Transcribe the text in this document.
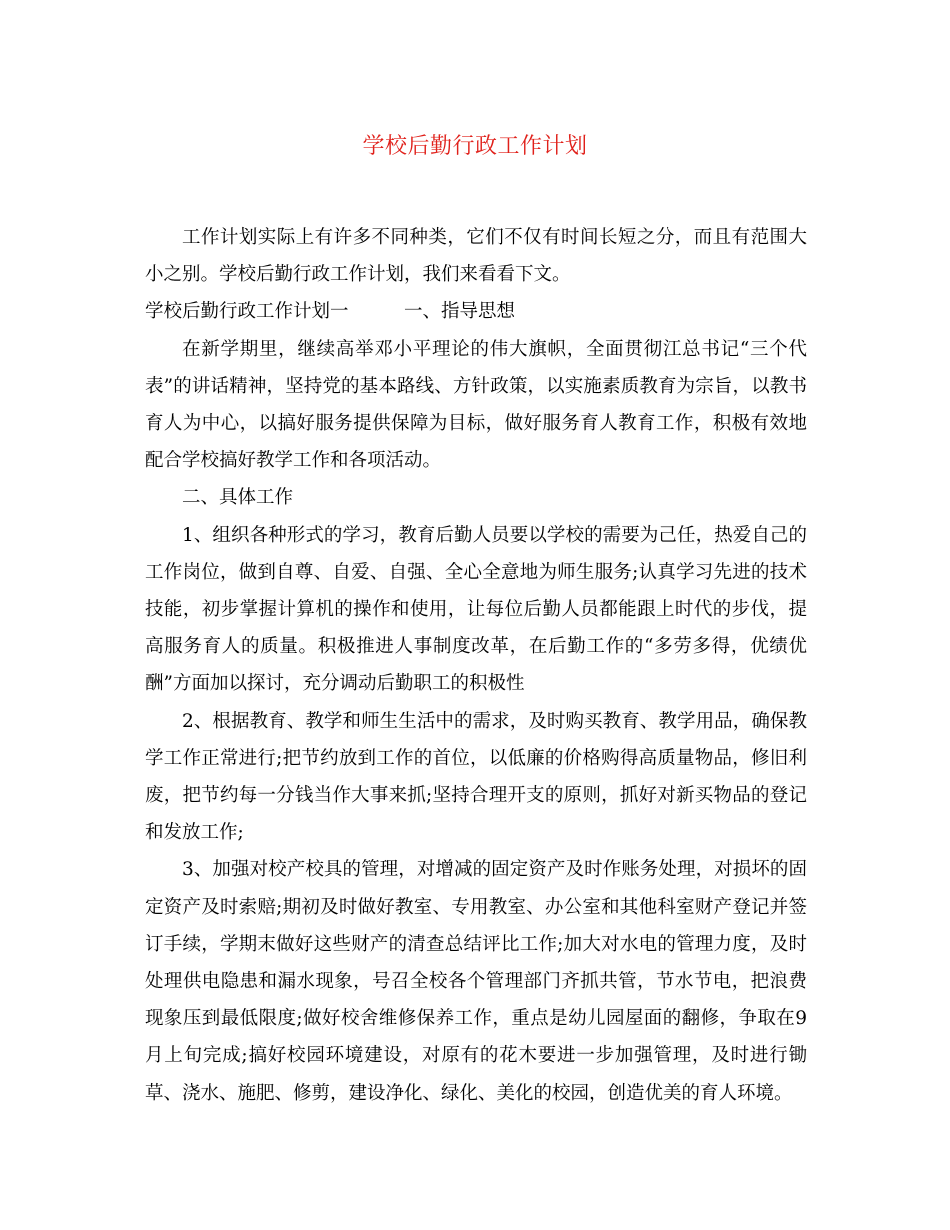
学校后勤行政工作计划

工作计划实际上有许多不同种类，它们不仅有时间长短之分，而且有范围大小之别。学校后勤行政工作计划，我们来看看下文。

学校后勤行政工作计划一　　　一、指导思想

在新学期里，继续高举邓小平理论的伟大旗帜，全面贯彻江总书记“三个代表”的讲话精神，坚持党的基本路线、方针政策，以实施素质教育为宗旨，以教书育人为中心，以搞好服务提供保障为目标，做好服务育人教育工作，积极有效地配合学校搞好教学工作和各项活动。

二、具体工作

1、组织各种形式的学习，教育后勤人员要以学校的需要为己任，热爱自己的工作岗位，做到自尊、自爱、自强、全心全意地为师生服务;认真学习先进的技术技能，初步掌握计算机的操作和使用，让每位后勤人员都能跟上时代的步伐，提高服务育人的质量。积极推进人事制度改革，在后勤工作的“多劳多得，优绩优酬”方面加以探讨，充分调动后勤职工的积极性

2、根据教育、教学和师生生活中的需求，及时购买教育、教学用品，确保教学工作正常进行;把节约放到工作的首位，以低廉的价格购得高质量物品，修旧利废，把节约每一分钱当作大事来抓;坚持合理开支的原则，抓好对新买物品的登记和发放工作;

3、加强对校产校具的管理，对增减的固定资产及时作账务处理，对损坏的固定资产及时索赔;期初及时做好教室、专用教室、办公室和其他科室财产登记并签订手续，学期末做好这些财产的清查总结评比工作;加大对水电的管理力度，及时处理供电隐患和漏水现象，号召全校各个管理部门齐抓共管，节水节电，把浪费现象压到最低限度;做好校舍维修保养工作，重点是幼儿园屋面的翻修，争取在9月上旬完成;搞好校园环境建设，对原有的花木要进一步加强管理，及时进行锄草、浇水、施肥、修剪，建设净化、绿化、美化的校园，创造优美的育人环境。
